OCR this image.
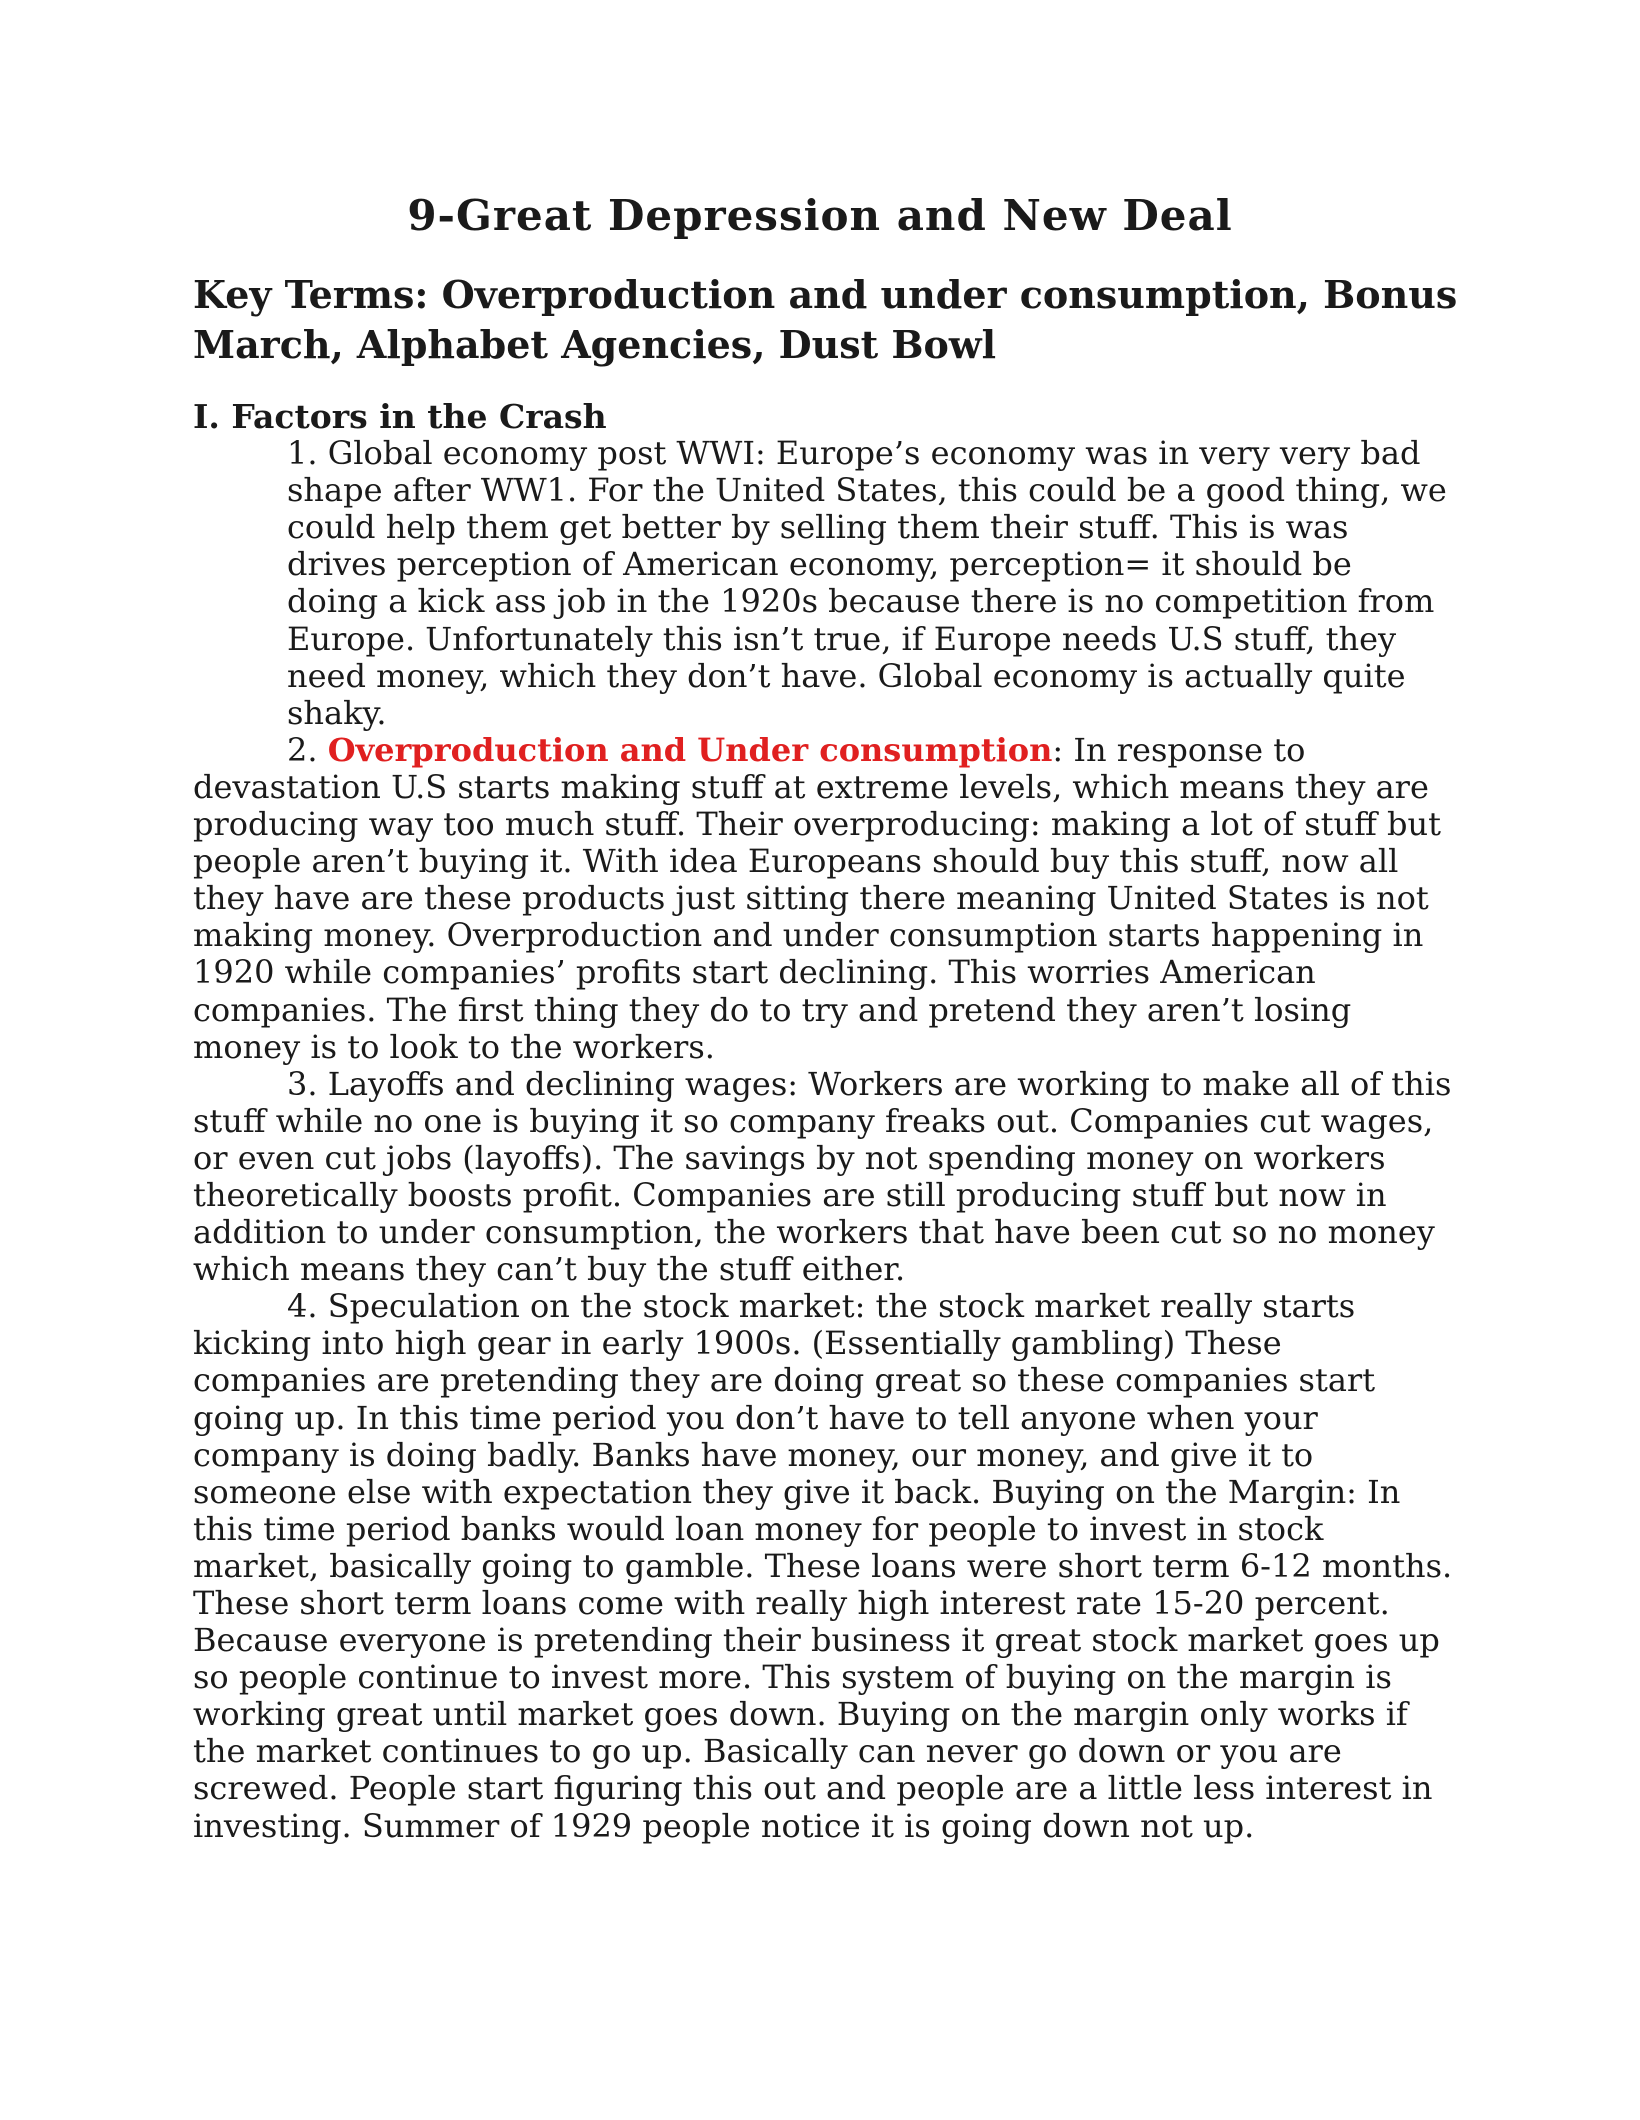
9-Great Depression and New Deal
Key Terms: Overproduction and under consumption, Bonus March, Alphabet Agencies, Dust Bowl

I. Factors in the Crash

1. Global economy post WWI: Europe’s economy was in very very bad shape after WW1. For the United States, this could be a good thing, we could help them get better by selling them their stuff. This is was drives perception of American economy, perception= it should be doing a kick ass job in the 1920s because there is no competition from Europe. Unfortunately this isn’t true, if Europe needs U.S stuff, they need money, which they don’t have. Global economy is actually quite shaky.

2. Overproduction and Under consumption: In response to devastation U.S starts making stuff at extreme levels, which means they are producing way too much stuff. Their overproducing: making a lot of stuff but people aren’t buying it. With idea Europeans should buy this stuff, now all they have are these products just sitting there meaning United States is not making money. Overproduction and under consumption starts happening in 1920 while companies’ profits start declining. This worries American companies. The first thing they do to try and pretend they aren’t losing money is to look to the workers.

3. Layoffs and declining wages: Workers are working to make all of this stuff while no one is buying it so company freaks out. Companies cut wages, or even cut jobs (layoffs). The savings by not spending money on workers theoretically boosts profit. Companies are still producing stuff but now in addition to under consumption, the workers that have been cut so no money which means they can’t buy the stuff either.

4. Speculation on the stock market: the stock market really starts kicking into high gear in early 1900s. (Essentially gambling) These companies are pretending they are doing great so these companies start going up. In this time period you don’t have to tell anyone when your company is doing badly. Banks have money, our money, and give it to someone else with expectation they give it back. Buying on the Margin: In this time period banks would loan money for people to invest in stock market, basically going to gamble. These loans were short term 6-12 months. These short term loans come with really high interest rate 15-20 percent. Because everyone is pretending their business it great stock market goes up so people continue to invest more. This system of buying on the margin is working great until market goes down. Buying on the margin only works if the market continues to go up. Basically can never go down or you are screwed. People start figuring this out and people are a little less interest in investing. Summer of 1929 people notice it is going down not up.
